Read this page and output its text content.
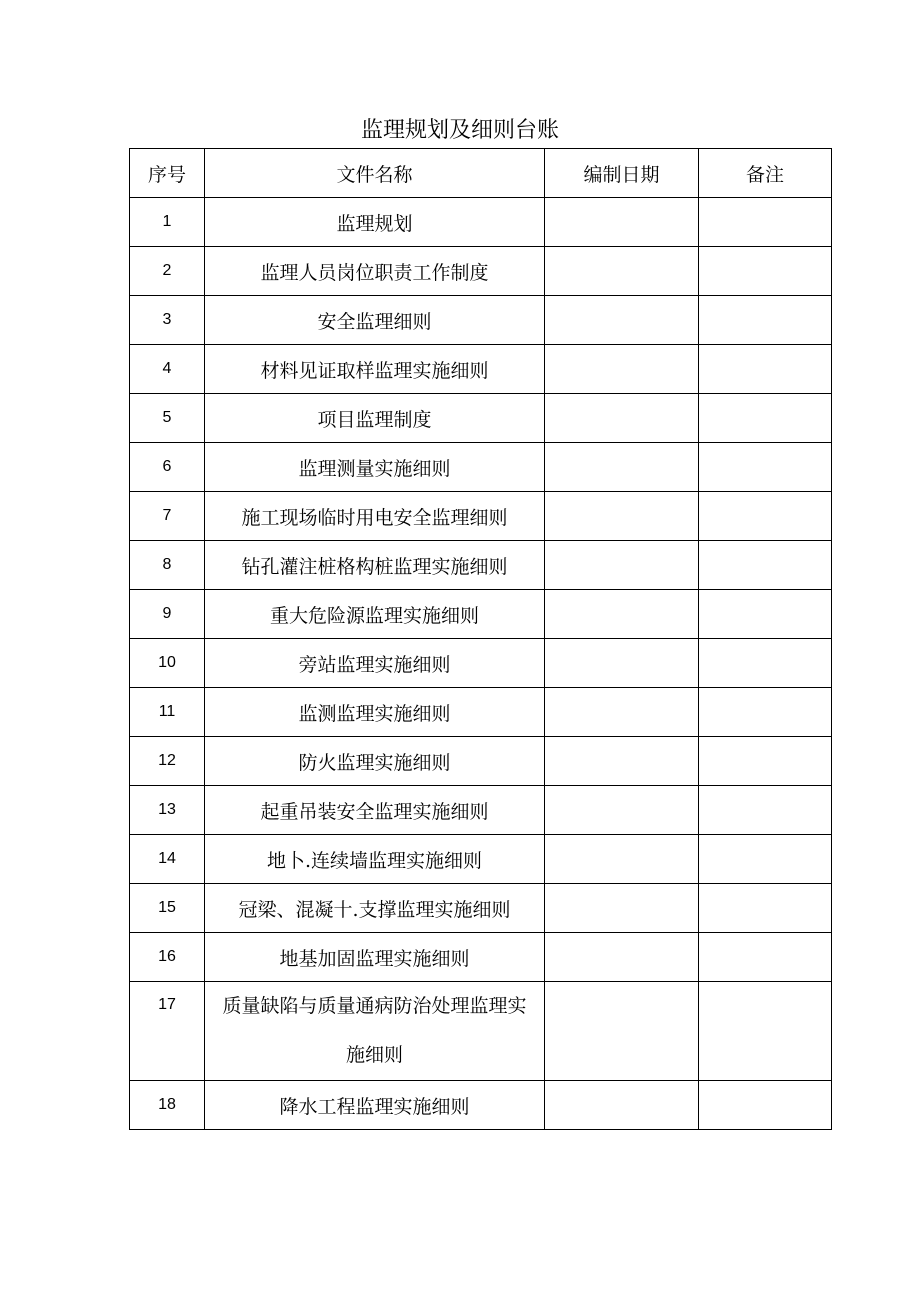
监理规划及细则台账
序号	文件名称	编制日期	备注
1	监理规划		
2	监理人员岗位职责工作制度		
3	安全监理细则		
4	材料见证取样监理实施细则		
5	项目监理制度		
6	监理测量实施细则		
7	施工现场临时用电安全监理细则		
8	钻孔灌注桩格构桩监理实施细则		
9	重大危险源监理实施细则		
10	旁站监理实施细则		
11	监测监理实施细则		
12	防火监理实施细则		
13	起重吊装安全监理实施细则		
14	地卜.连续墙监理实施细则		
15	冠梁、混凝十.支撑监理实施细则		
16	地基加固监理实施细则		
17	质量缺陷与质量通病防治处理监理实施细则		
18	降水工程监理实施细则		
